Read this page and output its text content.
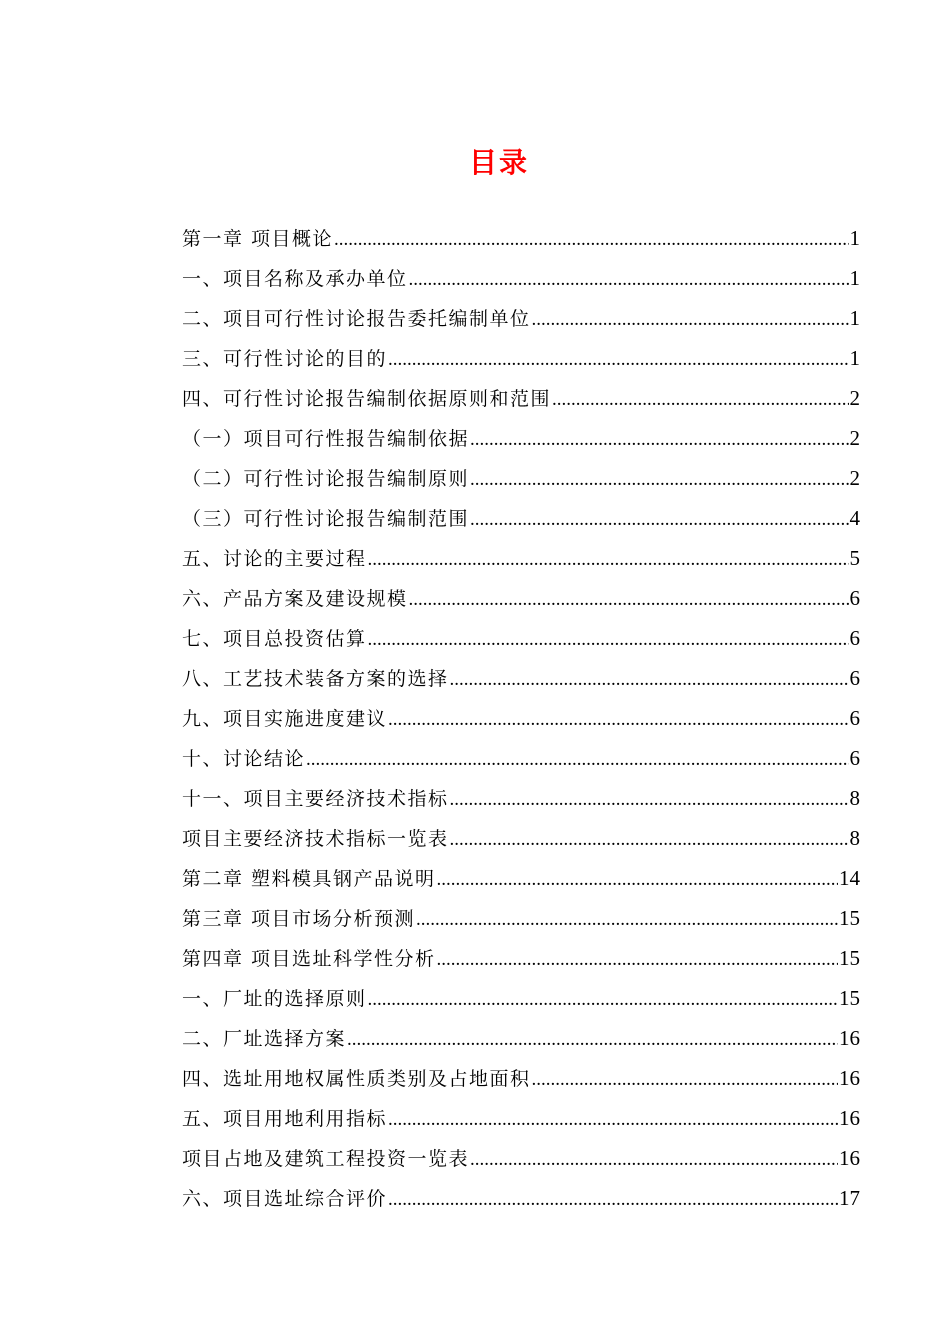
目录
第一章 项目概论 .....	1
一、项目名称及承办单位 .....	1
二、项目可行性讨论报告委托编制单位 .....	1
三、可行性讨论的目的 .....	1
四、可行性讨论报告编制依据原则和范围 .....	2
（一）项目可行性报告编制依据 .....	2
（二）可行性讨论报告编制原则 .....	2
（三）可行性讨论报告编制范围 .....	4
五、讨论的主要过程 .....	5
六、产品方案及建设规模 .....	6
七、项目总投资估算 .....	6
八、工艺技术装备方案的选择 .....	6
九、项目实施进度建议 .....	6
十、讨论结论 .....	6
十一、项目主要经济技术指标 .....	8
项目主要经济技术指标一览表 .....	8
第二章 塑料模具钢产品说明 .....	14
第三章 项目市场分析预测 .....	15
第四章 项目选址科学性分析 .....	15
一、厂址的选择原则 .....	15
二、厂址选择方案 .....	16
四、选址用地权属性质类别及占地面积 .....	16
五、项目用地利用指标 .....	16
项目占地及建筑工程投资一览表 .....	16
六、项目选址综合评价 .....	17
